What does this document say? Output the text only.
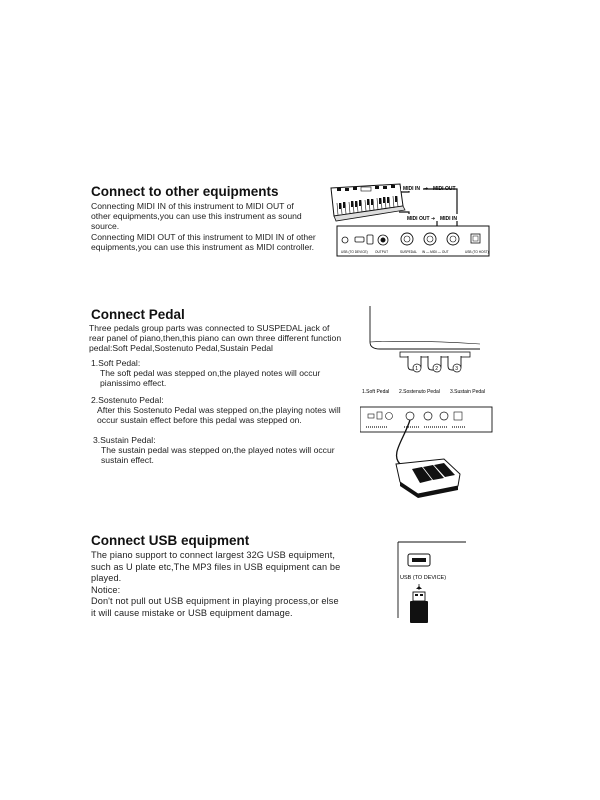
Connect to other equipments
Connecting MIDI IN of this instrument to MIDI OUT of
other equipments,you can use this instrument as sound
source.
Connecting MIDI OUT of this instrument to MIDI IN of other
equipments,you can use this instrument as MIDI controller.
MIDI IN ➜ MIDI OUT
MIDI OUT ➜ MIDI IN
USB (TO DEVICE) OUTPUT	SUSPEDAL IN — MIDI — OUT	USB (TO HOST)
Connect Pedal
Three pedals group parts was connected to SUSPEDAL jack of
rear panel of piano,then,this piano can own three different function
pedal:Soft Pedal,Sostenuto Pedal,Sustain Pedal
1.Soft Pedal:
The soft pedal was stepped on,the played notes will occur
pianissimo effect.
2.Sostenuto Pedal:
After this Sostenuto Pedal was stepped on,the playing notes will
occur sustain effect before this pedal was stepped on.
3.Sustain Pedal:
The sustain pedal was stepped on,the played notes will occur
sustain effect.
1	2	3
1.Soft Pedal 2.Sostenuto Pedal 3.Sustain Pedal
Connect USB equipment
The piano support to connect largest 32G USB equipment,
such as U plate etc,The MP3 files in USB equipment can be
played.
Notice:
Don't not pull out USB equipment in playing process,or else
it will cause mistake or USB equipment damage.
USB (TO DEVICE)
